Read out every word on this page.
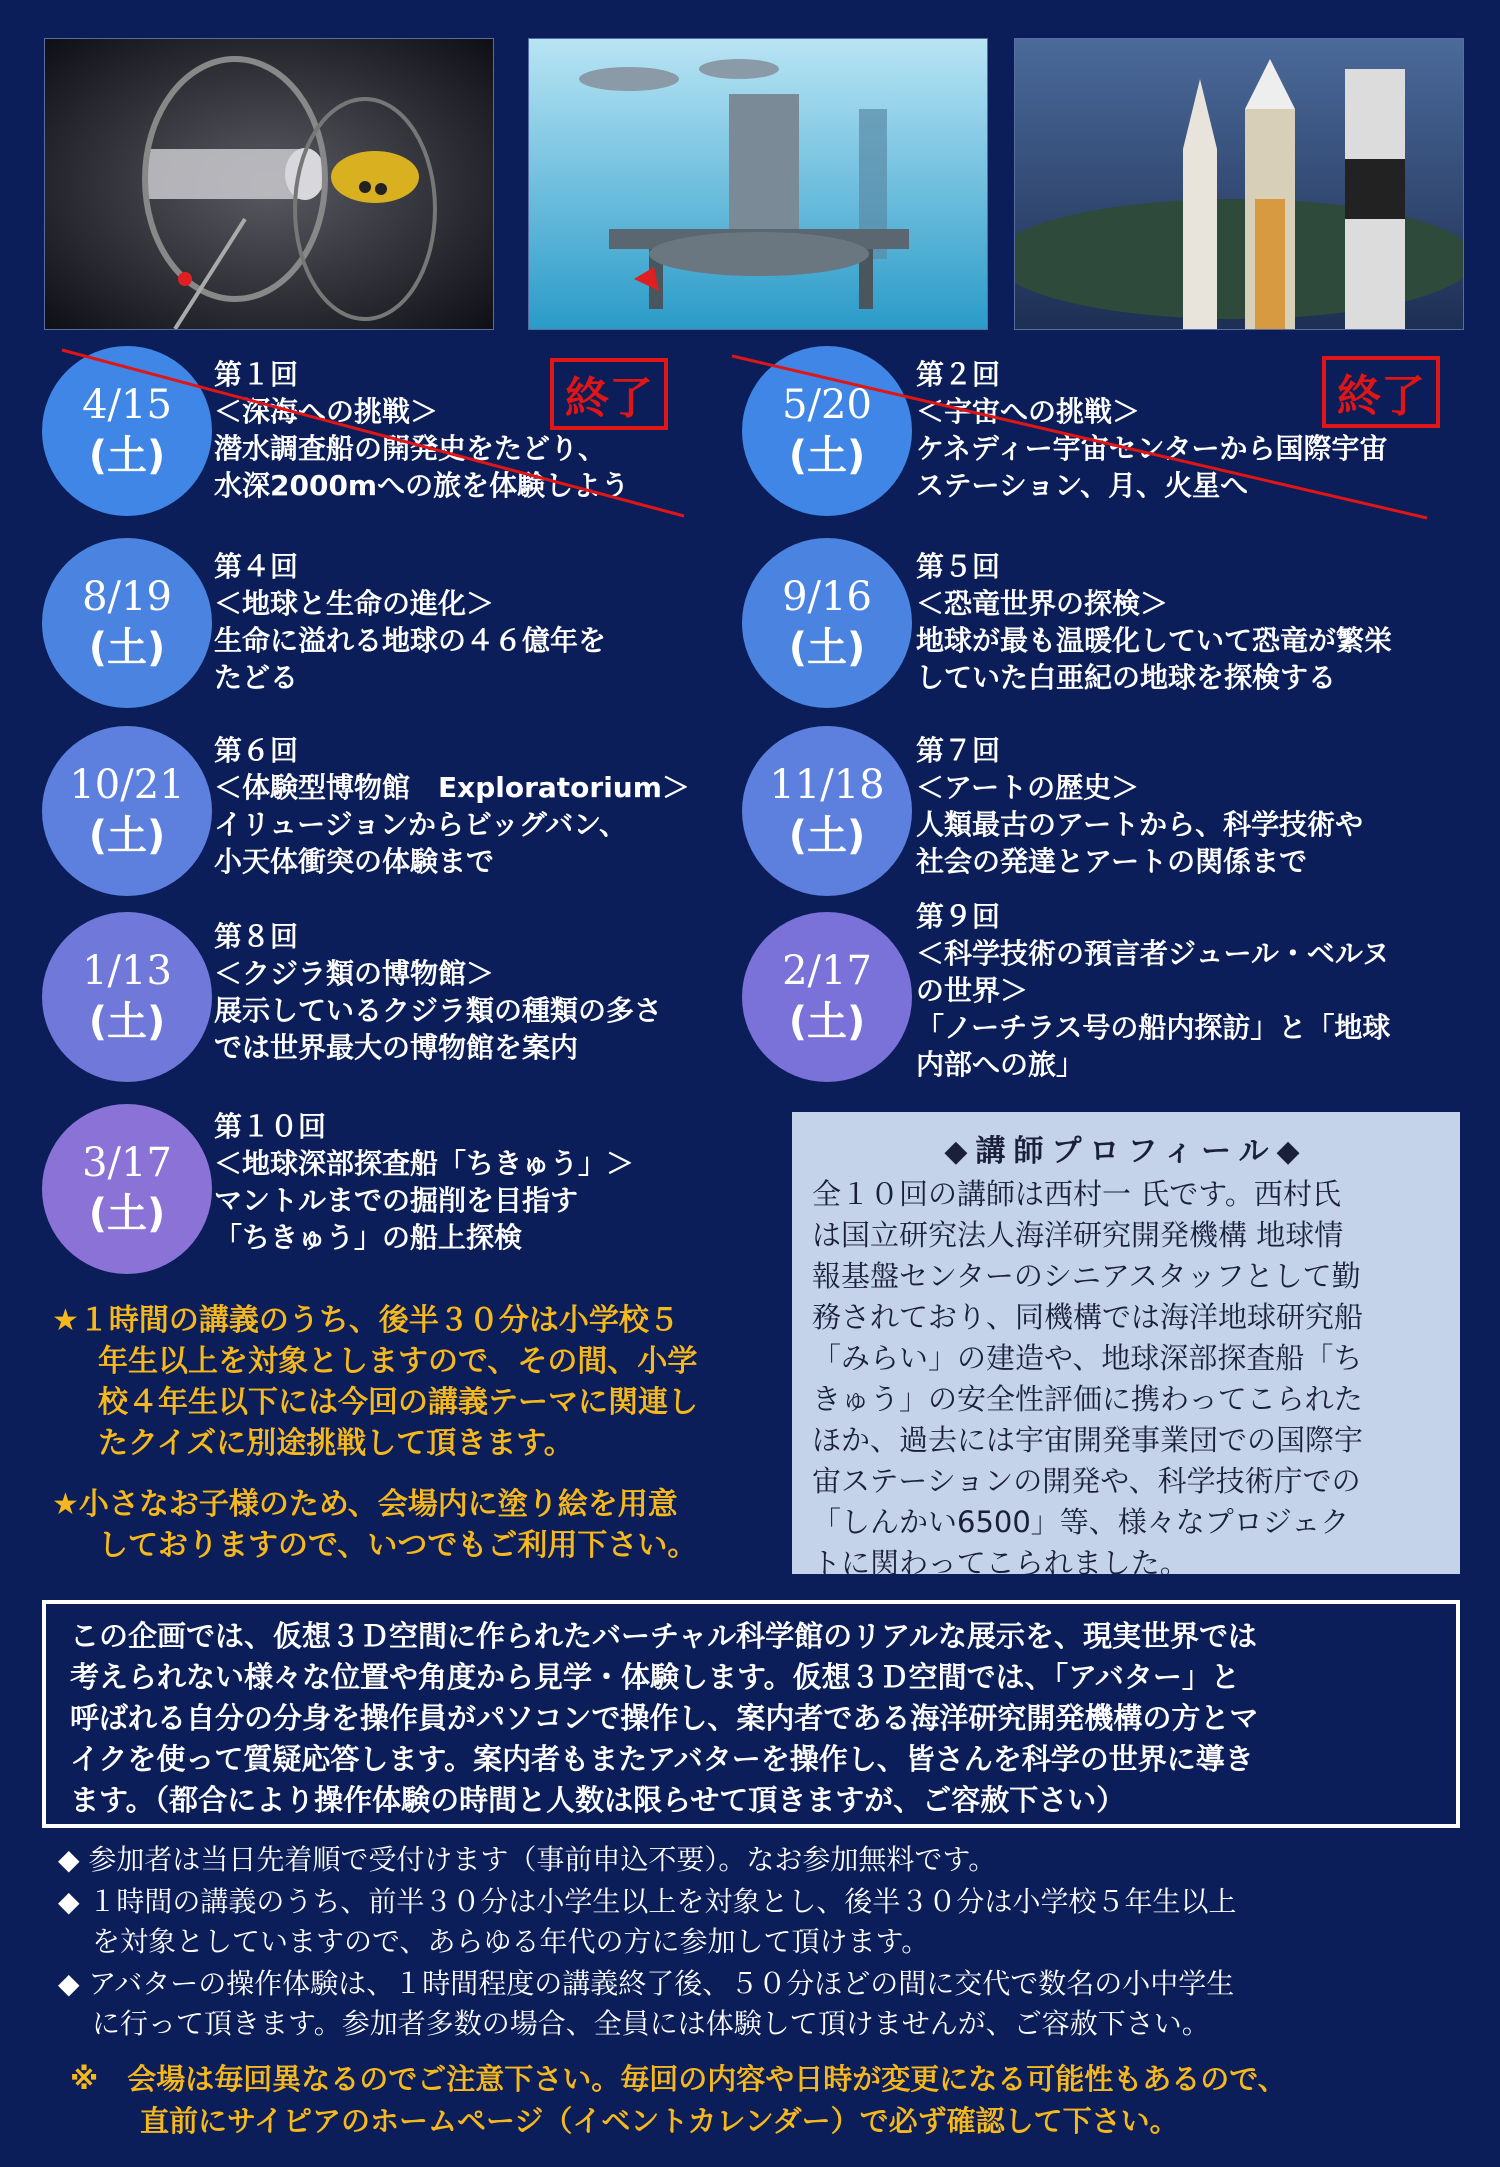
4/15
(土)
第１回
＜深海への挑戦＞
潜水調査船の開発史をたどり、
水深2000mへの旅を体験しよう
終了	5/20
(土)
第２回
＜宇宙への挑戦＞
ケネディー宇宙センターから国際宇宙
ステーション、月、火星へ
終了
8/19
(土)
第４回
＜地球と生命の進化＞
生命に溢れる地球の４６億年を
たどる
9/16
(土)
第５回
＜恐竜世界の探検＞
地球が最も温暖化していて恐竜が繁栄
していた白亜紀の地球を探検する
10/21
(土)
第６回
＜体験型博物館　Exploratorium＞
イリュージョンからビッグバン、
小天体衝突の体験まで
11/18
(土)
第７回
＜アートの歴史＞
人類最古のアートから、科学技術や
社会の発達とアートの関係まで
1/13
(土)
第８回
＜クジラ類の博物館＞
展示しているクジラ類の種類の多さ
では世界最大の博物館を案内
2/17
(土)
第９回
＜科学技術の預言者ジュール・ベルヌ
の世界＞
「ノーチラス号の船内探訪」と「地球
内部への旅」
3/17
(土)
第１０回
＜地球深部探査船「ちきゅう」＞
マントルまでの掘削を目指す
「ちきゅう」の船上探検
★１時間の講義のうち、後半３０分は小学校５
年生以上を対象としますので、その間、小学
校４年生以下には今回の講義テーマに関連し
たクイズに別途挑戦して頂きます。
★小さなお子様のため、会場内に塗り絵を用意
しておりますので、いつでもご利用下さい。
◆講師プロフィール◆
全１０回の講師は西村一 氏です。西村氏
は国立研究法人海洋研究開発機構 地球情
報基盤センターのシニアスタッフとして勤
務されており、同機構では海洋地球研究船
「みらい」の建造や、地球深部探査船「ち
きゅう」の安全性評価に携わってこられた
ほか、過去には宇宙開発事業団での国際宇
宙ステーションの開発や、科学技術庁での
「しんかい6500」等、様々なプロジェク
トに関わってこられました。
この企画では、仮想３Ｄ空間に作られたバーチャル科学館のリアルな展示を、現実世界では
考えられない様々な位置や角度から見学・体験します。仮想３Ｄ空間では、「アバター」と
呼ばれる自分の分身を操作員がパソコンで操作し、案内者である海洋研究開発機構の方とマ
イクを使って質疑応答します。案内者もまたアバターを操作し、皆さんを科学の世界に導き
ます。（都合により操作体験の時間と人数は限らせて頂きますが、ご容赦下さい）
◆ 参加者は当日先着順で受付けます（事前申込不要）。なお参加無料です。
◆ １時間の講義のうち、前半３０分は小学生以上を対象とし、後半３０分は小学校５年生以上
を対象としていますので、あらゆる年代の方に参加して頂けます。
◆ アバターの操作体験は、１時間程度の講義終了後、５０分ほどの間に交代で数名の小中学生
に行って頂きます。参加者多数の場合、全員には体験して頂けませんが、ご容赦下さい。
※　会場は毎回異なるのでご注意下さい。毎回の内容や日時が変更になる可能性もあるので、
直前にサイピアのホームページ（イベントカレンダー）で必ず確認して下さい。
